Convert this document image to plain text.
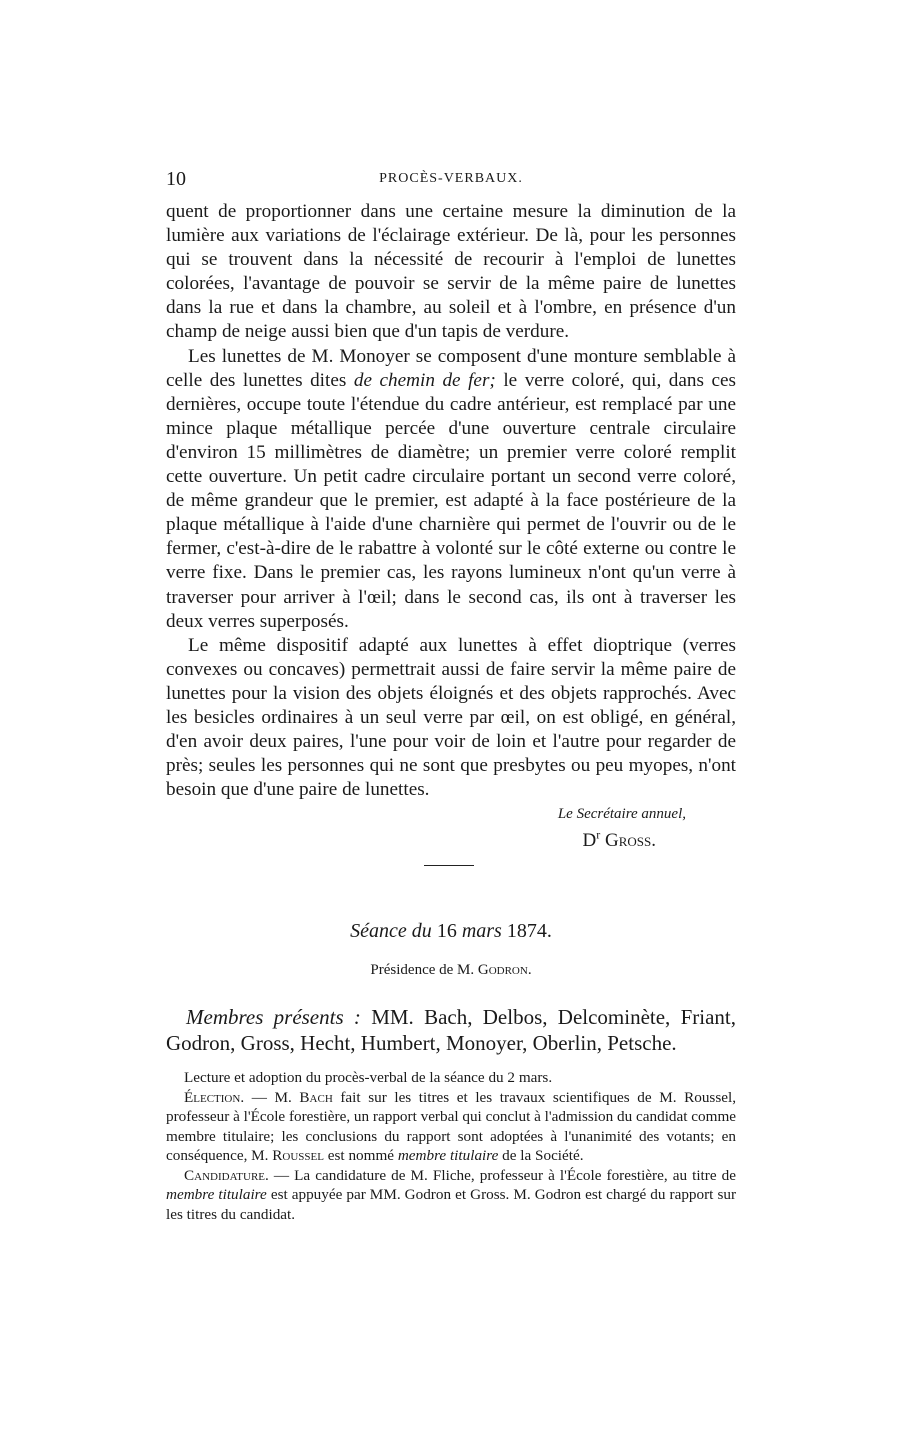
10	PROCÈS-VERBAUX.

quent de proportionner dans une certaine mesure la diminution de la lumière aux variations de l'éclairage extérieur. De là, pour les personnes qui se trouvent dans la nécessité de recourir à l'emploi de lunettes colorées, l'avantage de pouvoir se servir de la même paire de lunettes dans la rue et dans la chambre, au soleil et à l'ombre, en présence d'un champ de neige aussi bien que d'un tapis de verdure.

Les lunettes de M. Monoyer se composent d'une monture semblable à celle des lunettes dites de chemin de fer; le verre coloré, qui, dans ces dernières, occupe toute l'étendue du cadre antérieur, est remplacé par une mince plaque métallique percée d'une ouverture centrale circulaire d'environ 15 millimètres de diamètre; un premier verre coloré remplit cette ouverture. Un petit cadre circulaire portant un second verre coloré, de même grandeur que le premier, est adapté à la face postérieure de la plaque métallique à l'aide d'une charnière qui permet de l'ouvrir ou de le fermer, c'est-à-dire de le rabattre à volonté sur le côté externe ou contre le verre fixe. Dans le premier cas, les rayons lumineux n'ont qu'un verre à traverser pour arriver à l'œil; dans le second cas, ils ont à traverser les deux verres superposés.

Le même dispositif adapté aux lunettes à effet dioptrique (verres convexes ou concaves) permettrait aussi de faire servir la même paire de lunettes pour la vision des objets éloignés et des objets rapprochés. Avec les besicles ordinaires à un seul verre par œil, on est obligé, en général, d'en avoir deux paires, l'une pour voir de loin et l'autre pour regarder de près; seules les personnes qui ne sont que presbytes ou peu myopes, n'ont besoin que d'une paire de lunettes.

Le Secrétaire annuel,
$D^r$ Gross.
Séance du 16 mars 1874.
Présidence de M. Godron.
Membres présents : MM. Bach, Delbos, Delcominète, Friant, Godron, Gross, Hecht, Humbert, Monoyer, Oberlin, Petsche.

Lecture et adoption du procès-verbal de la séance du 2 mars.

Élection. — M. Bach fait sur les titres et les travaux scientifiques de M. Roussel, professeur à l'École forestière, un rapport verbal qui conclut à l'admission du candidat comme membre titulaire; les conclusions du rapport sont adoptées à l'unanimité des votants; en conséquence, M. Roussel est nommé membre titulaire de la Société.

Candidature. — La candidature de M. Fliche, professeur à l'École forestière, au titre de membre titulaire est appuyée par MM. Godron et Gross. M. Godron est chargé du rapport sur les titres du candidat.
